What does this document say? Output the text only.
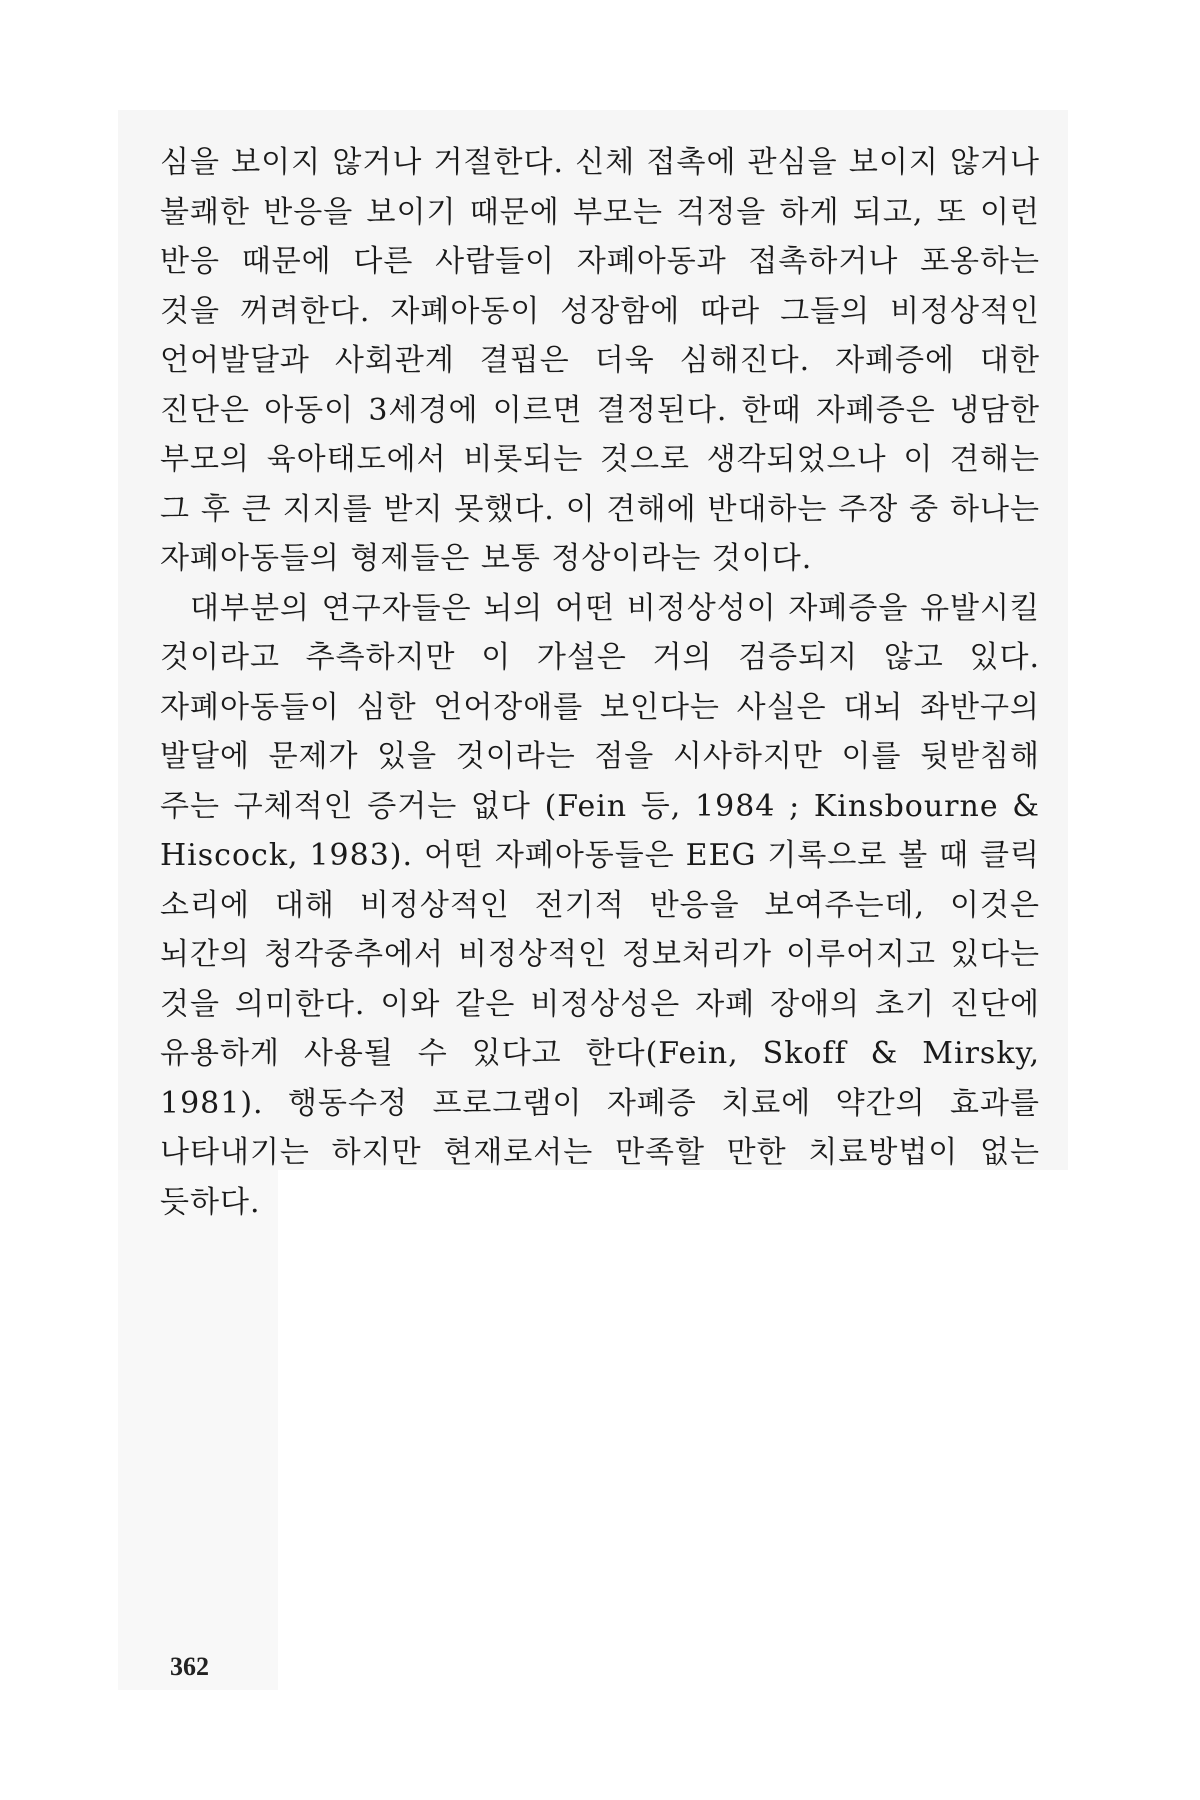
심을 보이지 않거나 거절한다. 신체 접촉에 관심을 보이지 않거나 불쾌한 반응을 보이기 때문에 부모는 걱정을 하게 되고, 또 이런 반응 때문에 다른 사람들이 자폐아동과 접촉하거나 포옹하는 것을 꺼려한다. 자폐아동이 성장함에 따라 그들의 비정상적인 언어발달과 사회관계 결핍은 더욱 심해진다. 자폐증에 대한 진단은 아동이 3세경에 이르면 결정된다. 한때 자폐증은 냉담한 부모의 육아태도에서 비롯되는 것으로 생각되었으나 이 견해는 그 후 큰 지지를 받지 못했다. 이 견해에 반대하는 주장 중 하나는 자폐아동들의 형제들은 보통 정상이라는 것이다.

대부분의 연구자들은 뇌의 어떤 비정상성이 자폐증을 유발시킬 것이라고 추측하지만 이 가설은 거의 검증되지 않고 있다. 자폐아동들이 심한 언어장애를 보인다는 사실은 대뇌 좌반구의 발달에 문제가 있을 것이라는 점을 시사하지만 이를 뒷받침해 주는 구체적인 증거는 없다 (Fein 등, 1984 ; Kinsbourne & Hiscock, 1983). 어떤 자폐아동들은 EEG 기록으로 볼 때 클릭 소리에 대해 비정상적인 전기적 반응을 보여주는데, 이것은 뇌간의 청각중추에서 비정상적인 정보처리가 이루어지고 있다는 것을 의미한다. 이와 같은 비정상성은 자폐 장애의 초기 진단에 유용하게 사용될 수 있다고 한다(Fein, Skoff & Mirsky, 1981). 행동수정 프로그램이 자폐증 치료에 약간의 효과를 나타내기는 하지만 현재로서는 만족할 만한 치료방법이 없는 듯하다.

362
